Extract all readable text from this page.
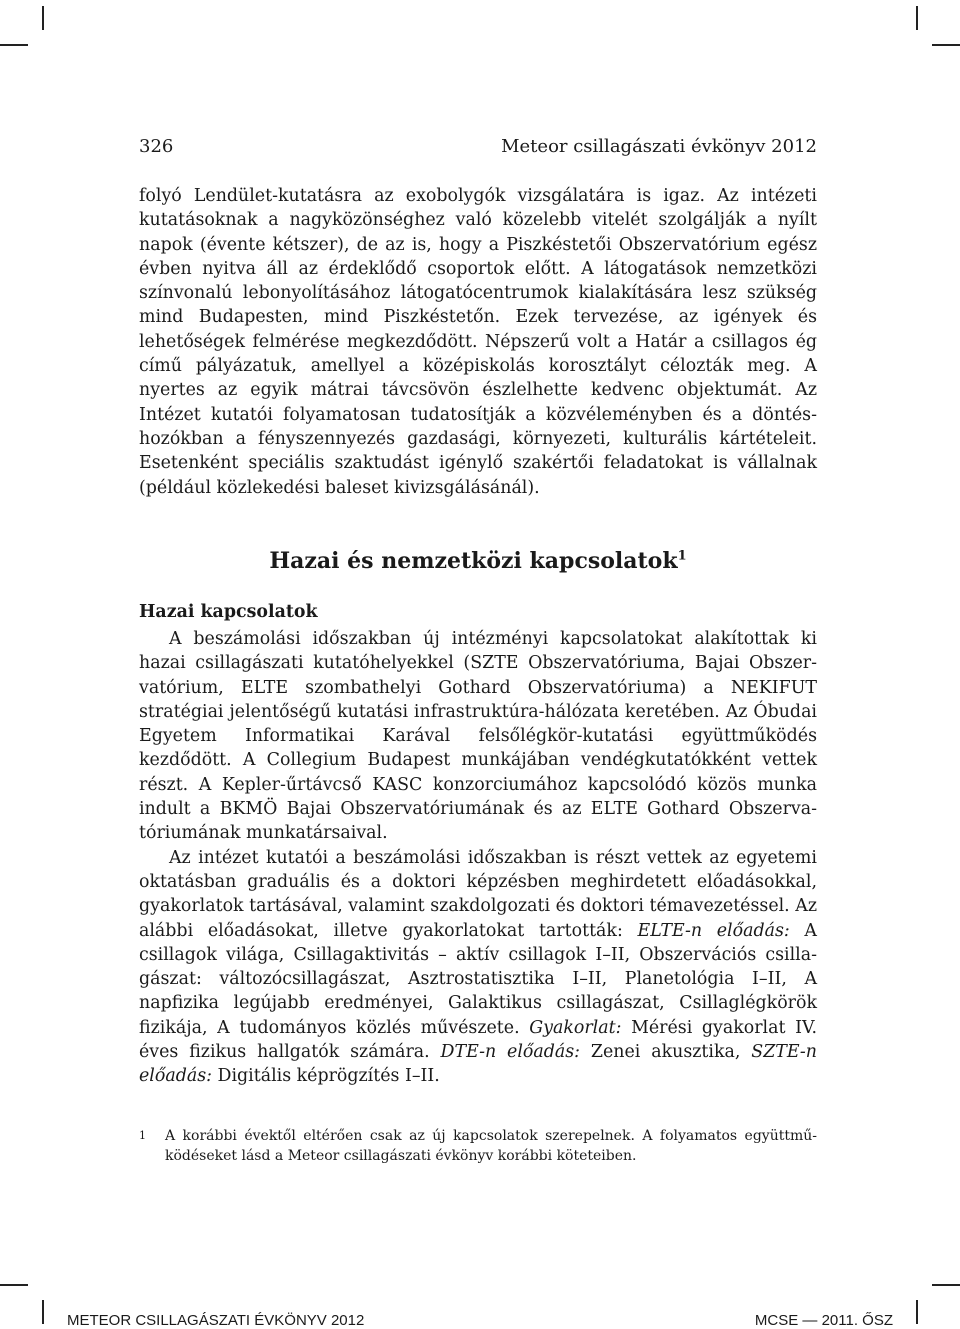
326	Meteor csillagászati évkönyv 2012

folyó Lendület-kutatásra az exobolygók vizsgálatára is igaz. Az intézeti kutatásoknak a nagyközönséghez való közelebb vitelét szolgálják a nyílt napok (évente kétszer), de az is, hogy a Piszkéstetői Obszervatórium egész évben nyitva áll az érdeklődő csoportok előtt. A látogatások nemzetközi színvonalú lebonyolításához látogatócentrumok kialakítására lesz szükség mind Budapesten, mind Piszkéstetőn. Ezek tervezése, az igények és lehetőségek felmérése megkezdődött. Népszerű volt a Határ a csillagos ég című pályázatuk, amellyel a középiskolás korosztályt célozták meg. A nyertes az egyik mátrai távcsövön észlelhette kedvenc objektumát. Az Intézet kutatói folyamatosan tudatosítják a közvéleményben és a döntéshozókban a fényszennyezés gazdasági, környezeti, kulturális kártételeit. Esetenként speciális szaktudást igénylő szakértői feladatokat is vállalnak (például közlekedési baleset kivizsgálásánál).

Hazai és nemzetközi kapcsolatok$^1$
Hazai kapcsolatok

A beszámolási időszakban új intézményi kapcsolatokat alakítottak ki hazai csillagászati kutatóhelyekkel (SZTE Obszervatóriuma, Bajai Obszervatórium, ELTE szombathelyi Gothard Obszervatóriuma) a NEKIFUT stratégiai jelentőségű kutatási infrastruktúra-hálózata keretében. Az Óbudai Egyetem Informatikai Karával felsőlégkör-kutatási együttműködés kezdődött. A Collegium Budapest munkájában vendégkutatókként vettek részt. A Kepler-űrtávcső KASC konzorciumához kapcsolódó közös munka indult a BKMÖ Bajai Obszervatóriumának és az ELTE Gothard Obszervatóriumának munkatársaival.

Az intézet kutatói a beszámolási időszakban is részt vettek az egyetemi oktatásban graduális és a doktori képzésben meghirdetett előadásokkal, gyakorlatok tartásával, valamint szakdolgozati és doktori témavezetéssel. Az alábbi előadásokat, illetve gyakorlatokat tartották: ELTE-n előadás: A csillagok világa, Csillagaktivitás – aktív csillagok I–II, Obszervációs csillagászat: változócsillagászat, Asztrostatisztika I–II, Planetológia I–II, A napfizika legújabb eredményei, Galaktikus csillagászat, Csillaglégkörök fizikája, A tudományos közlés művészete. Gyakorlat: Mérési gyakorlat IV. éves fizikus hallgatók számára. DTE-n előadás: Zenei akusztika, SZTE-n előadás: Digitális képrögzítés I–II.

1 A korábbi évektől eltérően csak az új kapcsolatok szerepelnek. A folyamatos együttműködéseket lásd a Meteor csillagászati évkönyv korábbi köteteiben.
METEOR CSILLAGÁSZATI ÉVKÖNYV 2012	MCSE — 2011. ŐSZ
